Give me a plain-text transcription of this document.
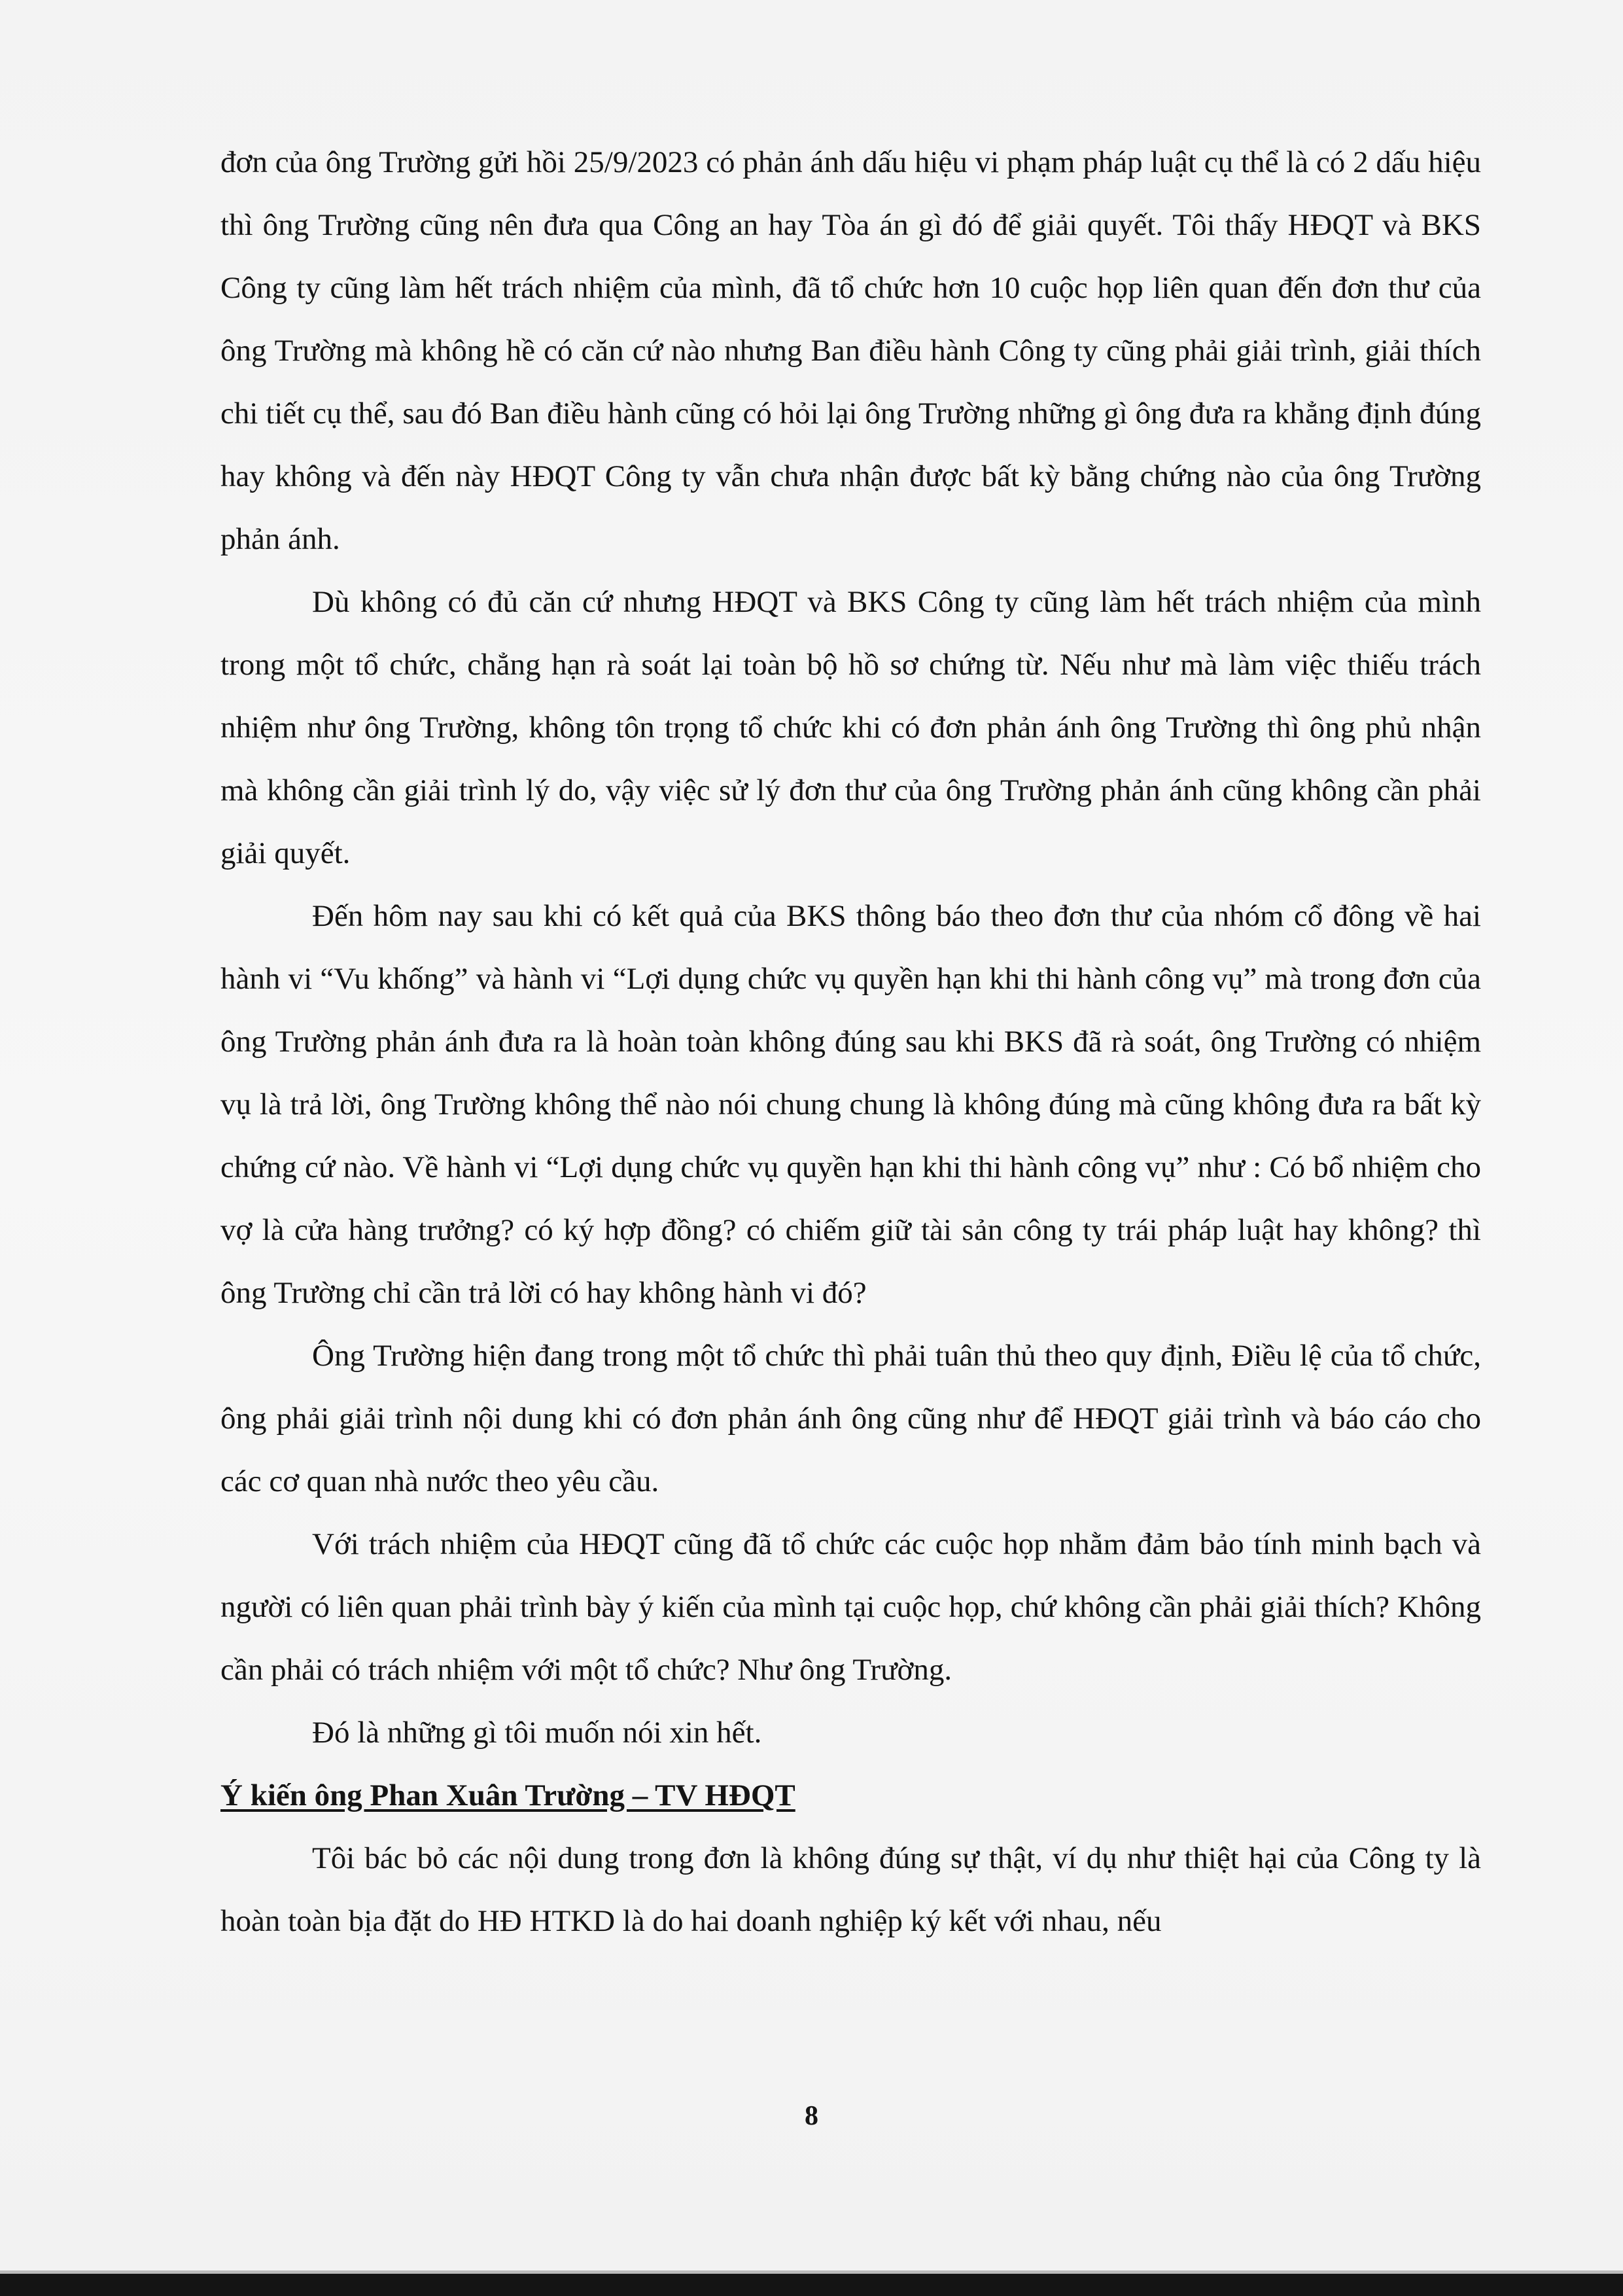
đơn của ông Trường gửi hồi 25/9/2023 có phản ánh dấu hiệu vi phạm pháp luật cụ thể là có 2 dấu hiệu thì ông Trường cũng nên đưa qua Công an hay Tòa án gì đó để giải quyết. Tôi thấy HĐQT và BKS Công ty cũng làm hết trách nhiệm của mình, đã tổ chức hơn 10 cuộc họp liên quan đến đơn thư của ông Trường mà không hề có căn cứ nào nhưng Ban điều hành Công ty cũng phải giải trình, giải thích chi tiết cụ thể, sau đó Ban điều hành cũng có hỏi lại ông Trường những gì ông đưa ra khẳng định đúng hay không và đến này HĐQT Công ty vẫn chưa nhận được bất kỳ bằng chứng nào của ông Trường phản ánh.

Dù không có đủ căn cứ nhưng HĐQT và BKS Công ty cũng làm hết trách nhiệm của mình trong một tổ chức, chẳng hạn rà soát lại toàn bộ hồ sơ chứng từ. Nếu như mà làm việc thiếu trách nhiệm như ông Trường, không tôn trọng tổ chức khi có đơn phản ánh ông Trường thì ông phủ nhận mà không cần giải trình lý do, vậy việc sử lý đơn thư của ông Trường phản ánh cũng không cần phải giải quyết.

Đến hôm nay sau khi có kết quả của BKS thông báo theo đơn thư của nhóm cổ đông về hai hành vi “Vu khống” và hành vi “Lợi dụng chức vụ quyền hạn khi thi hành công vụ” mà trong đơn của ông Trường phản ánh đưa ra là hoàn toàn không đúng sau khi BKS đã rà soát, ông Trường có nhiệm vụ là trả lời, ông Trường không thể nào nói chung chung là không đúng mà cũng không đưa ra bất kỳ chứng cứ nào. Về hành vi “Lợi dụng chức vụ quyền hạn khi thi hành công vụ” như : Có bổ nhiệm cho vợ là cửa hàng trưởng? có ký hợp đồng? có chiếm giữ tài sản công ty trái pháp luật hay không? thì ông Trường chỉ cần trả lời có hay không hành vi đó?

Ông Trường hiện đang trong một tổ chức thì phải tuân thủ theo quy định, Điều lệ của tổ chức, ông phải giải trình nội dung khi có đơn phản ánh ông cũng như để HĐQT giải trình và báo cáo cho các cơ quan nhà nước theo yêu cầu.

Với trách nhiệm của HĐQT cũng đã tổ chức các cuộc họp nhằm đảm bảo tính minh bạch và người có liên quan phải trình bày ý kiến của mình tại cuộc họp, chứ không cần phải giải thích? Không cần phải có trách nhiệm với một tổ chức? Như ông Trường.

Đó là những gì tôi muốn nói xin hết.

Ý kiến ông Phan Xuân Trường – TV HĐQT

Tôi bác bỏ các nội dung trong đơn là không đúng sự thật, ví dụ như thiệt hại của Công ty là hoàn toàn bịa đặt do HĐ HTKD là do hai doanh nghiệp ký kết với nhau, nếu

8
